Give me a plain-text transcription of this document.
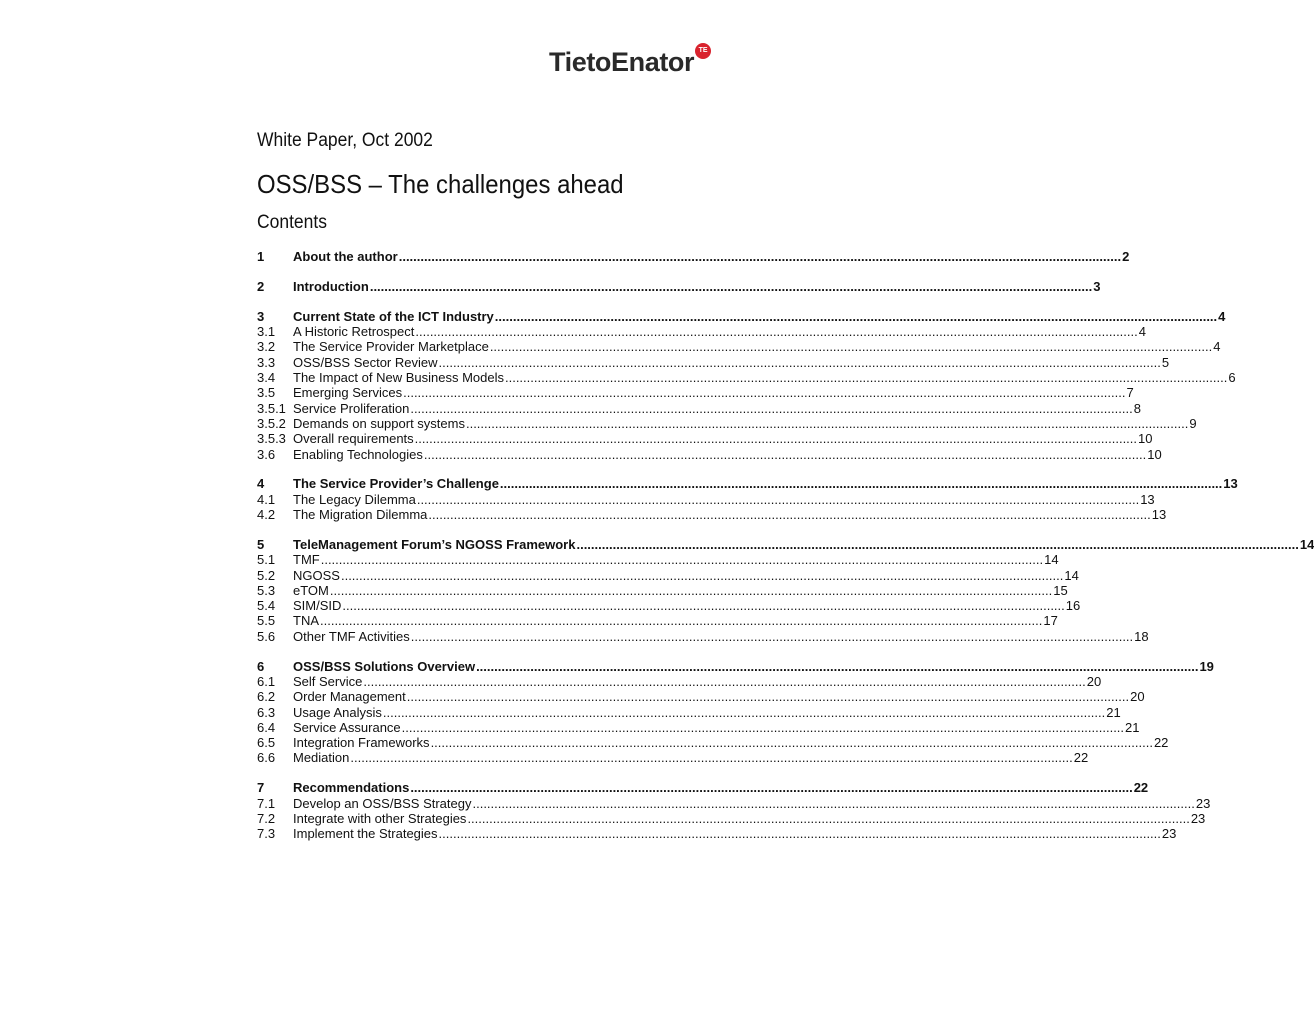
TietoEnator TE
White Paper, Oct 2002
OSS/BSS – The challenges ahead
Contents
1	About the author ........................................................................................................................................................................................................ 2
2	Introduction ........................................................................................................................................................................................................ 3
3	Current State of the ICT Industry ........................................................................................................................................................................................................ 4
3.1	A Historic Retrospect ........................................................................................................................................................................................................ 4
3.2	The Service Provider Marketplace ........................................................................................................................................................................................................ 4
3.3	OSS/BSS Sector Review ........................................................................................................................................................................................................ 5
3.4	The Impact of New Business Models ........................................................................................................................................................................................................ 6
3.5	Emerging Services ........................................................................................................................................................................................................ 7
3.5.1 Service Proliferation ........................................................................................................................................................................................................ 8
3.5.2 Demands on support systems ........................................................................................................................................................................................................ 9
3.5.3 Overall requirements ........................................................................................................................................................................................................ 10
3.6	Enabling Technologies ........................................................................................................................................................................................................ 10
4	The Service Provider’s Challenge ........................................................................................................................................................................................................ 13
4.1	The Legacy Dilemma ........................................................................................................................................................................................................ 13
4.2	The Migration Dilemma ........................................................................................................................................................................................................ 13
5	TeleManagement Forum’s NGOSS Framework ........................................................................................................................................................................................................ 14
5.1	TMF ........................................................................................................................................................................................................ 14
5.2	NGOSS ........................................................................................................................................................................................................ 14
5.3	eTOM ........................................................................................................................................................................................................ 15
5.4	SIM/SID ........................................................................................................................................................................................................ 16
5.5	TNA ........................................................................................................................................................................................................ 17
5.6	Other TMF Activities ........................................................................................................................................................................................................ 18
6	OSS/BSS Solutions Overview ........................................................................................................................................................................................................ 19
6.1	Self Service ........................................................................................................................................................................................................ 20
6.2	Order Management ........................................................................................................................................................................................................ 20
6.3	Usage Analysis ........................................................................................................................................................................................................ 21
6.4	Service Assurance ........................................................................................................................................................................................................ 21
6.5	Integration Frameworks ........................................................................................................................................................................................................ 22
6.6	Mediation ........................................................................................................................................................................................................ 22
7	Recommendations ........................................................................................................................................................................................................ 22
7.1	Develop an OSS/BSS Strategy ........................................................................................................................................................................................................ 23
7.2	Integrate with other Strategies ........................................................................................................................................................................................................ 23
7.3	Implement the Strategies ........................................................................................................................................................................................................ 23
